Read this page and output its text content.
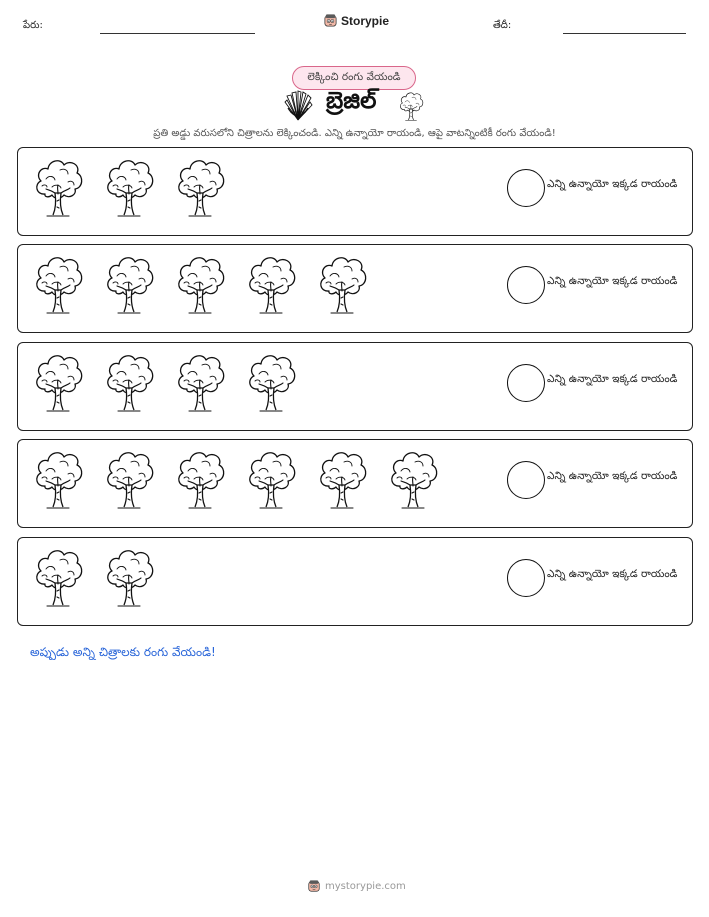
పేరు:	Storypie	తేదీ:
లెక్కించి రంగు వేయండి
బ్రెజిల్
ప్రతి అడ్డు వరుసలోని చిత్రాలను లెక్కించండి. ఎన్ని ఉన్నాయో రాయండి, ఆపై వాటన్నింటికీ రంగు వేయండి!
ఎన్ని ఉన్నాయో ఇక్కడ రాయండి
ఎన్ని ఉన్నాయో ఇక్కడ రాయండి
ఎన్ని ఉన్నాయో ఇక్కడ రాయండి
ఎన్ని ఉన్నాయో ఇక్కడ రాయండి
ఎన్ని ఉన్నాయో ఇక్కడ రాయండి
అప్పుడు అన్ని చిత్రాలకు రంగు వేయండి!
mystorypie.com
